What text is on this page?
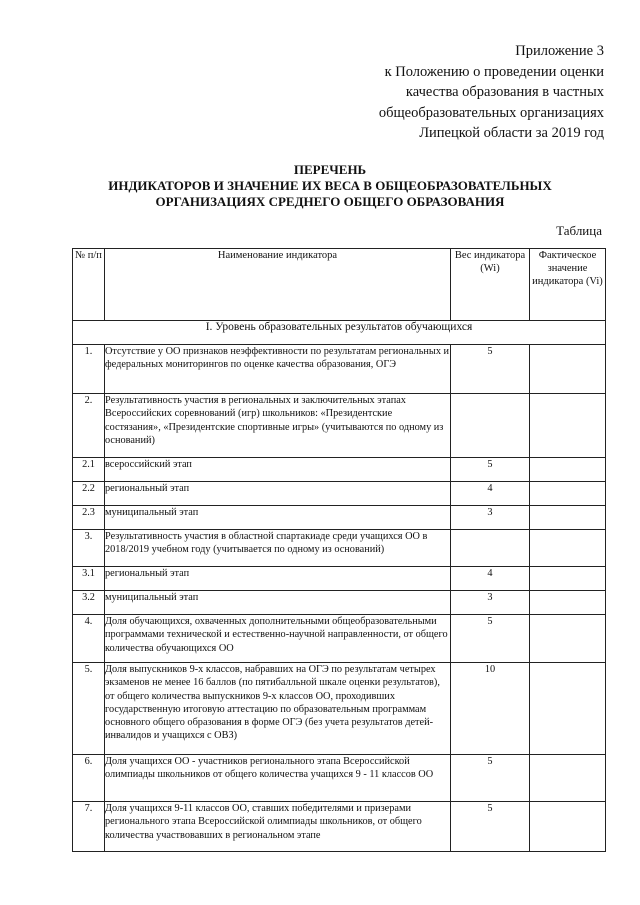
Приложение 3
к Положению о проведении оценки
качества образования в частных
общеобразовательных организациях
Липецкой области за 2019 год
ПЕРЕЧЕНЬ
ИНДИКАТОРОВ И ЗНАЧЕНИЕ ИХ ВЕСА В ОБЩЕОБРАЗОВАТЕЛЬНЫХ
ОРГАНИЗАЦИЯХ СРЕДНЕГО ОБЩЕГО ОБРАЗОВАНИЯ
Таблица
№ п/п	Наименование индикатора	Вес индикатора (Wi)	Фактическое значение индикатора (Vi)
I. Уровень образовательных результатов обучающихся			
1.	Отсутствие у ОО признаков неэффективности по результатам региональных и федеральных мониторингов по оценке качества образования, ОГЭ	5	
2.	Результативность участия в региональных и заключительных этапах Всероссийских соревнований (игр) школьников: «Президентские состязания», «Президентские спортивные игры» (учитываются по одному из оснований)		
2.1	всероссийский этап	5	
2.2	региональный этап	4	
2.3	муниципальный этап	3	
3.	Результативность участия в областной спартакиаде среди учащихся ОО в 2018/2019 учебном году (учитывается по одному из оснований)		
3.1	региональный этап	4	
3.2	муниципальный этап	3	
4.	Доля обучающихся, охваченных дополнительными общеобразовательными программами технической и естественно-научной направленности, от общего количества обучающихся ОО	5	
5.	Доля выпускников 9-х классов, набравших на ОГЭ по результатам четырех экзаменов не менее 16 баллов (по пятибалльной шкале оценки результатов), от общего количества выпускников 9-х классов ОО, проходивших государственную итоговую аттестацию по образовательным программам основного общего образования в форме ОГЭ (без учета результатов детей-инвалидов и учащихся с ОВЗ)	10	
6.	Доля учащихся ОО - участников регионального этапа Всероссийской олимпиады школьников от общего количества учащихся 9 - 11 классов ОО	5	
7.	Доля учащихся 9-11 классов ОО, ставших победителями и призерами регионального этапа Всероссийской олимпиады школьников, от общего количества участвовавших в региональном этапе	5	
